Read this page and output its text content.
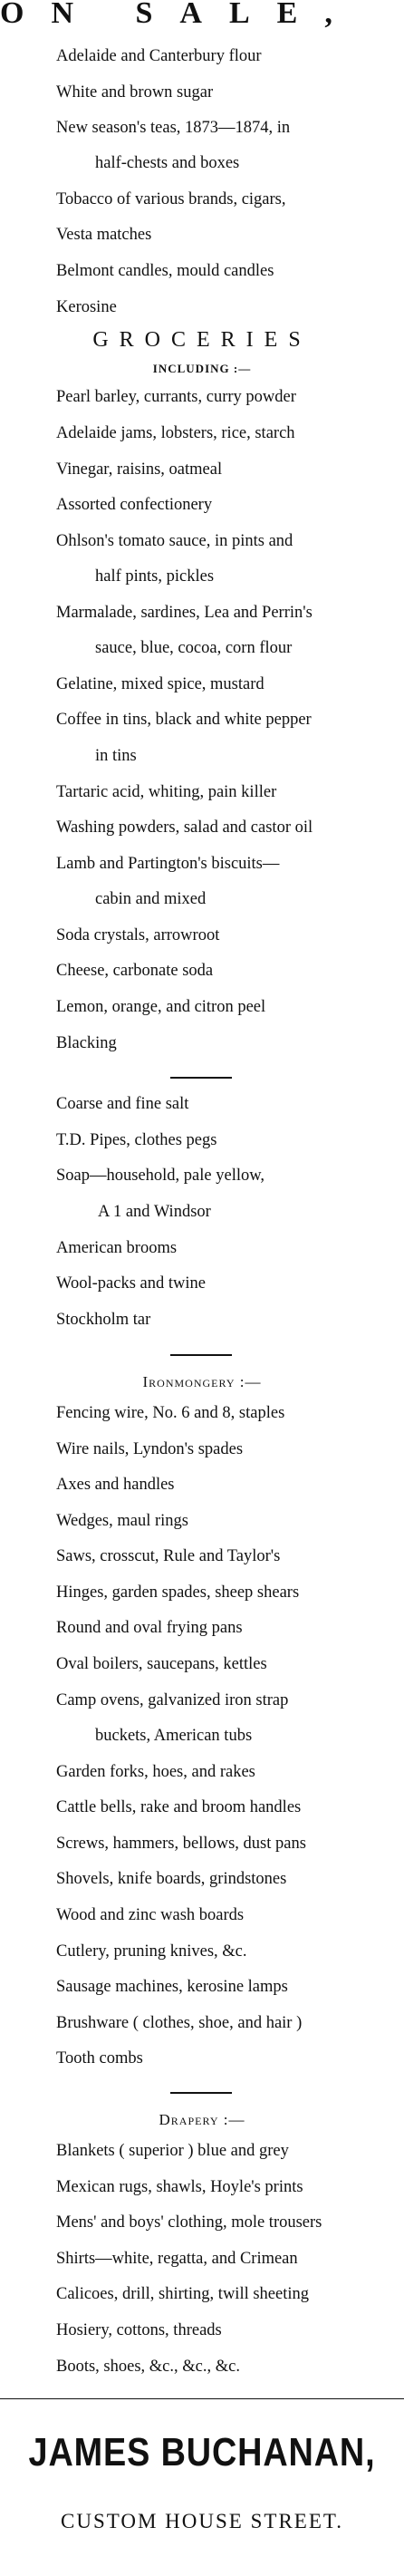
ON SALE,
Adelaide and Canterbury flour
White and brown sugar
New season's teas, 1873—1874, in
half-chests and boxes
Tobacco of various brands, cigars,
Vesta matches
Belmont candles, mould candles
Kerosine
GROCERIES
INCLUDING :—
Pearl barley, currants, curry powder
Adelaide jams, lobsters, rice, starch
Vinegar, raisins, oatmeal
Assorted confectionery
Ohlson's tomato sauce, in pints and
half pints, pickles
Marmalade, sardines, Lea and Perrin's
sauce, blue, cocoa, corn flour
Gelatine, mixed spice, mustard
Coffee in tins, black and white pepper
in tins
Tartaric acid, whiting, pain killer
Washing powders, salad and castor oil
Lamb and Partington's biscuits—
cabin and mixed
Soda crystals, arrowroot
Cheese, carbonate soda
Lemon, orange, and citron peel
Blacking
Coarse and fine salt
T.D. Pipes, clothes pegs
Soap—household, pale yellow,
A 1 and Windsor
American brooms
Wool-packs and twine
Stockholm tar
Ironmongery :—
Fencing wire, No. 6 and 8, staples
Wire nails, Lyndon's spades
Axes and handles
Wedges, maul rings
Saws, crosscut, Rule and Taylor's
Hinges, garden spades, sheep shears
Round and oval frying pans
Oval boilers, saucepans, kettles
Camp ovens, galvanized iron strap
buckets, American tubs
Garden forks, hoes, and rakes
Cattle bells, rake and broom handles
Screws, hammers, bellows, dust pans
Shovels, knife boards, grindstones
Wood and zinc wash boards
Cutlery, pruning knives, &c.
Sausage machines, kerosine lamps
Brushware ( clothes, shoe, and hair )
Tooth combs
Drapery :—
Blankets ( superior ) blue and grey
Mexican rugs, shawls, Hoyle's prints
Mens' and boys' clothing, mole trousers
Shirts—white, regatta, and Crimean
Calicoes, drill, shirting, twill sheeting
Hosiery, cottons, threads
Boots, shoes, &c., &c., &c.
JAMES BUCHANAN,
CUSTOM HOUSE STREET.
